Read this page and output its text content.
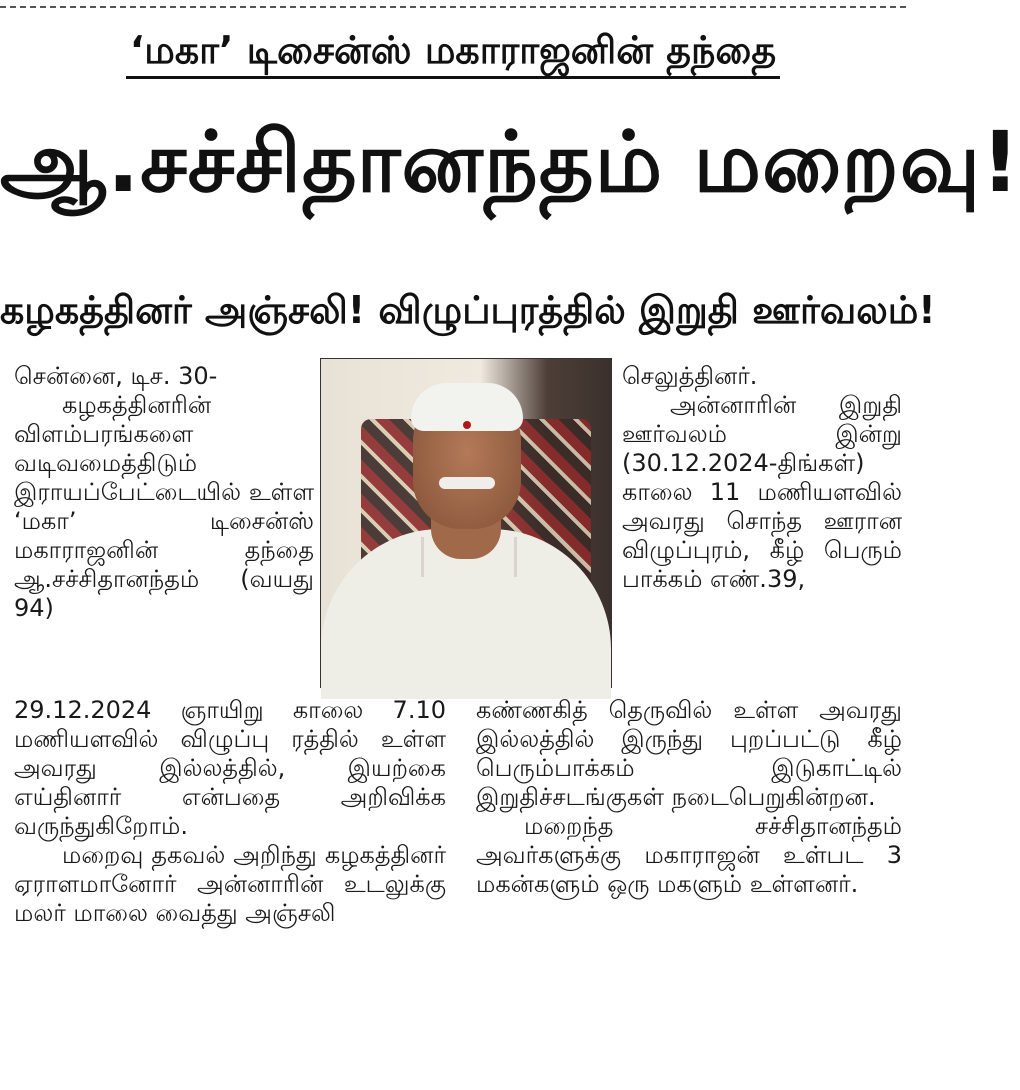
‘மகா’ டிசைன்ஸ் மகாராஜனின் தந்தை
ஆ.சச்சிதானந்தம் மறைவு!
கழகத்தினர் அஞ்சலி! விழுப்புரத்தில் இறுதி ஊர்வலம்!

சென்னை, டிச. 30-

கழகத்தினரின் விளம்பரங்களை வடிவமைத்திடும் இராயப்பேட்டையில் உள்ள ‘மகா’ டிசைன்ஸ் மகாராஜனின் தந்தை ஆ.சச்சிதானந்தம் (வயது 94)

செலுத்தினர்.

அன்னாரின் இறுதி ஊர்வலம் இன்று (30.12.2024-திங்கள்) காலை 11 மணியளவில் அவரது சொந்த ஊரான விழுப்புரம், கீழ் பெரும் பாக்கம் எண்.39,

29.12.2024 ஞாயிறு காலை 7.10 மணியளவில் விழுப்பு ரத்தில் உள்ள அவரது இல்லத்தில், இயற்கை எய்தினார் என்பதை அறிவிக்க வருந்துகிறோம்.

மறைவு தகவல் அறிந்து கழகத்தினர் ஏராளமானோர் அன்னாரின் உடலுக்கு மலர் மாலை வைத்து அஞ்சலி

கண்ணகித் தெருவில் உள்ள அவரது இல்லத்தில் இருந்து புறப்பட்டு கீழ் பெரும்பாக்கம் இடுகாட்டில் இறுதிச்சடங்குகள் நடைபெறுகின்றன.

மறைந்த சச்சிதானந்தம் அவர்களுக்கு மகாராஜன் உள்பட 3 மகன்களும் ஒரு மகளும் உள்ளனர்.
